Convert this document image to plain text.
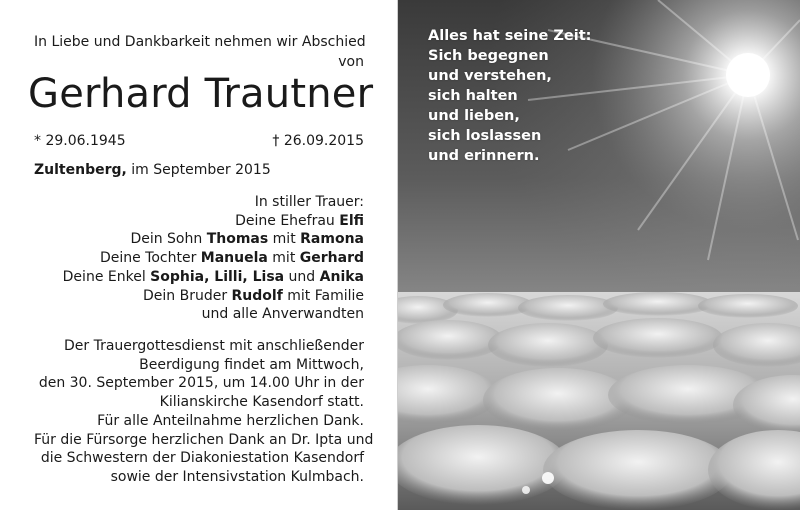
In Liebe und Dankbarkeit nehmen wir Abschied
von
Gerhard Trautner
* 29.06.1945	† 26.09.2015
Zultenberg, im September 2015
In stiller Trauer:
Deine Ehefrau Elfi
Dein Sohn Thomas mit Ramona
Deine Tochter Manuela mit Gerhard
Deine Enkel Sophia, Lilli, Lisa und Anika
Dein Bruder Rudolf mit Familie
und alle Anverwandten
Der Trauergottesdienst mit anschließender
Beerdigung findet am Mittwoch,
den 30. September 2015, um 14.00 Uhr in der
Kilianskirche Kasendorf statt.
Für alle Anteilnahme herzlichen Dank.
Für die Fürsorge herzlichen Dank an Dr. Ipta und
die Schwestern der Diakoniestation Kasendorf
sowie der Intensivstation Kulmbach.
Alles hat seine Zeit:
Sich begegnen
und verstehen,
sich halten
und lieben,
sich loslassen
und erinnern.
